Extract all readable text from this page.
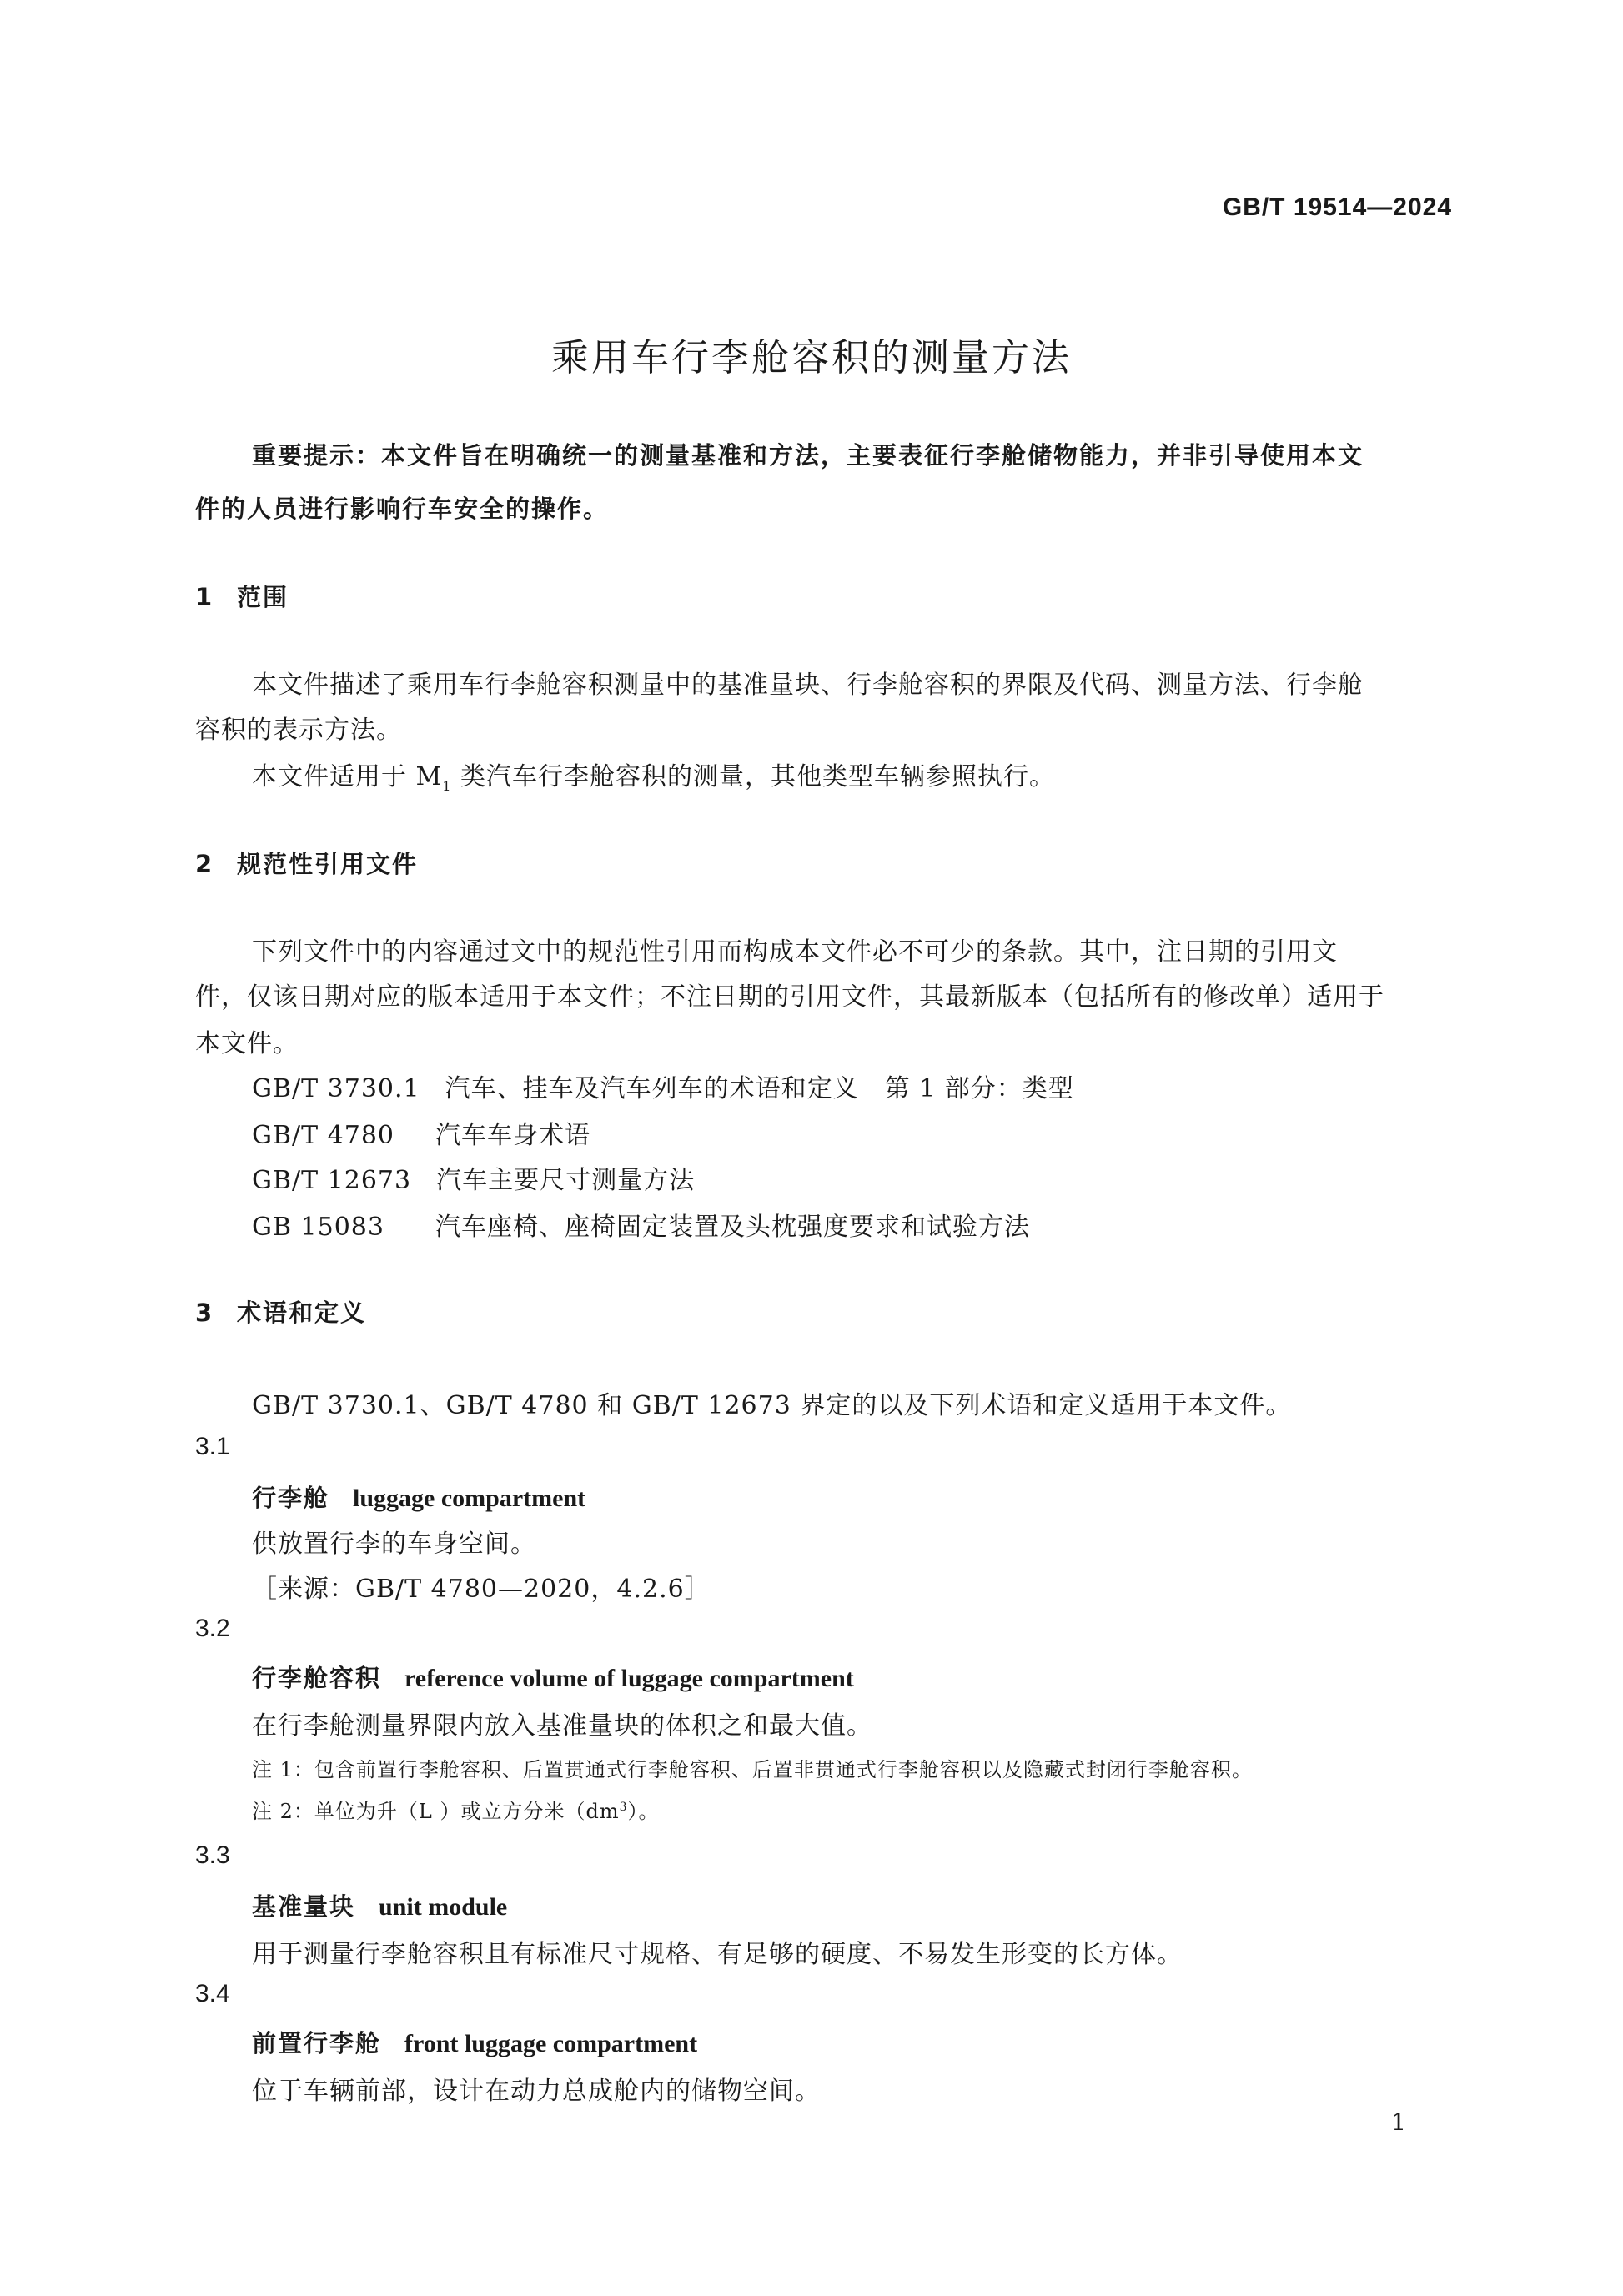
GB/T 19514—2024
乘用车行李舱容积的测量方法
重要提示：本文件旨在明确统一的测量基准和方法，主要表征行李舱储物能力，并非引导使用本文
件的人员进行影响行车安全的操作。
1 范围
本文件描述了乘用车行李舱容积测量中的基准量块、行李舱容积的界限及代码、测量方法、行李舱
容积的表示方法。
本文件适用于 $M_1$ 类汽车行李舱容积的测量，其他类型车辆参照执行。
2 规范性引用文件
下列文件中的内容通过文中的规范性引用而构成本文件必不可少的条款。其中，注日期的引用文
件，仅该日期对应的版本适用于本文件；不注日期的引用文件，其最新版本（包括所有的修改单）适用于
本文件。
GB/T 3730.1 汽车、挂车及汽车列车的术语和定义　第 1 部分：类型
GB/T 4780 汽车车身术语
GB/T 12673 汽车主要尺寸测量方法
GB 15083 汽车座椅、座椅固定装置及头枕强度要求和试验方法
3 术语和定义
GB/T 3730.1、GB/T 4780 和 GB/T 12673 界定的以及下列术语和定义适用于本文件。
3.1
行李舱 luggage compartment
供放置行李的车身空间。
［来源：GB/T 4780—2020，4.2.6］
3.2
行李舱容积 reference volume of luggage compartment
在行李舱测量界限内放入基准量块的体积之和最大值。
注 1：包含前置行李舱容积、后置贯通式行李舱容积、后置非贯通式行李舱容积以及隐藏式封闭行李舱容积。
注 2：单位为升（L ）或立方分米$(dm^3)$。
3.3
基准量块 unit module
用于测量行李舱容积且有标准尺寸规格、有足够的硬度、不易发生形变的长方体。
3.4
前置行李舱 front luggage compartment
位于车辆前部，设计在动力总成舱内的储物空间。
1
